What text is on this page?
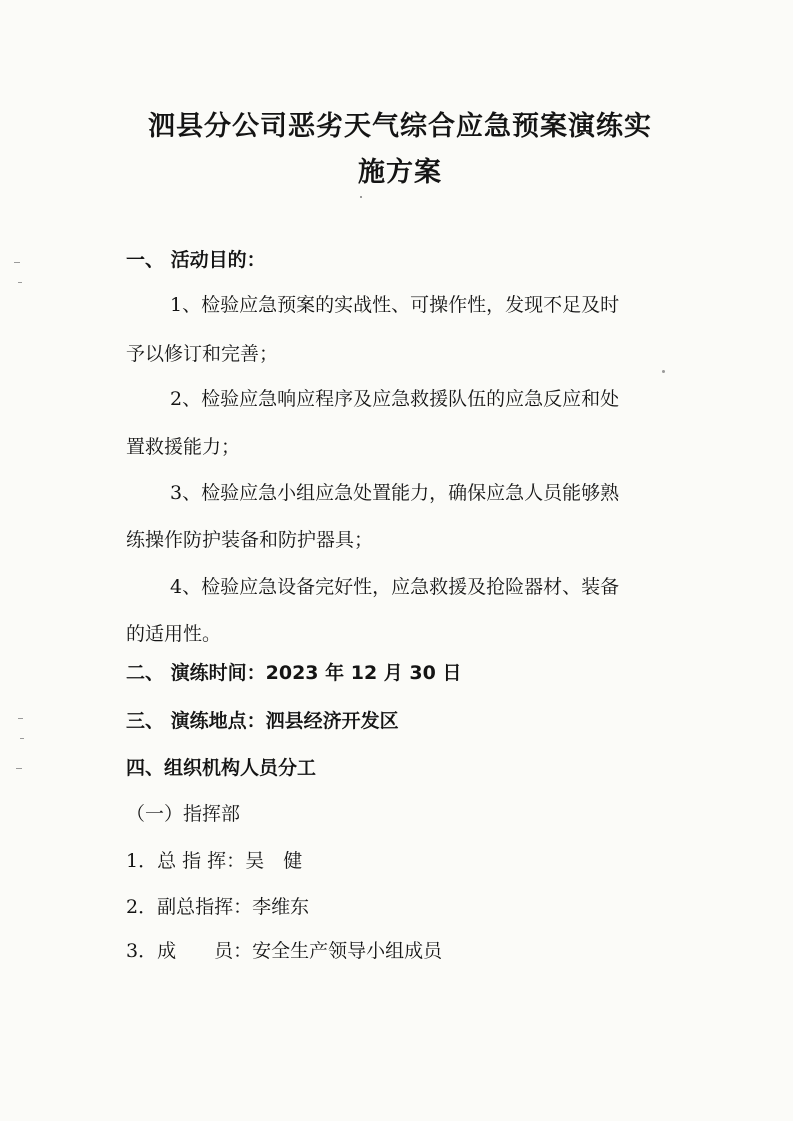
泗县分公司恶劣天气综合应急预案演练实
施方案
一、 活动目的：
1、检验应急预案的实战性、可操作性，发现不足及时
予以修订和完善；
2、检验应急响应程序及应急救援队伍的应急反应和处
置救援能力；
3、检验应急小组应急处置能力，确保应急人员能够熟
练操作防护装备和防护器具；
4、检验应急设备完好性，应急救援及抢险器材、装备
的适用性。
二、 演练时间：2023 年 12 月 30 日
三、 演练地点：泗县经济开发区
四、组织机构人员分工
（一）指挥部
1．总 指 挥：吴　健
2．副总指挥：李维东
3．成　　员：安全生产领导小组成员
